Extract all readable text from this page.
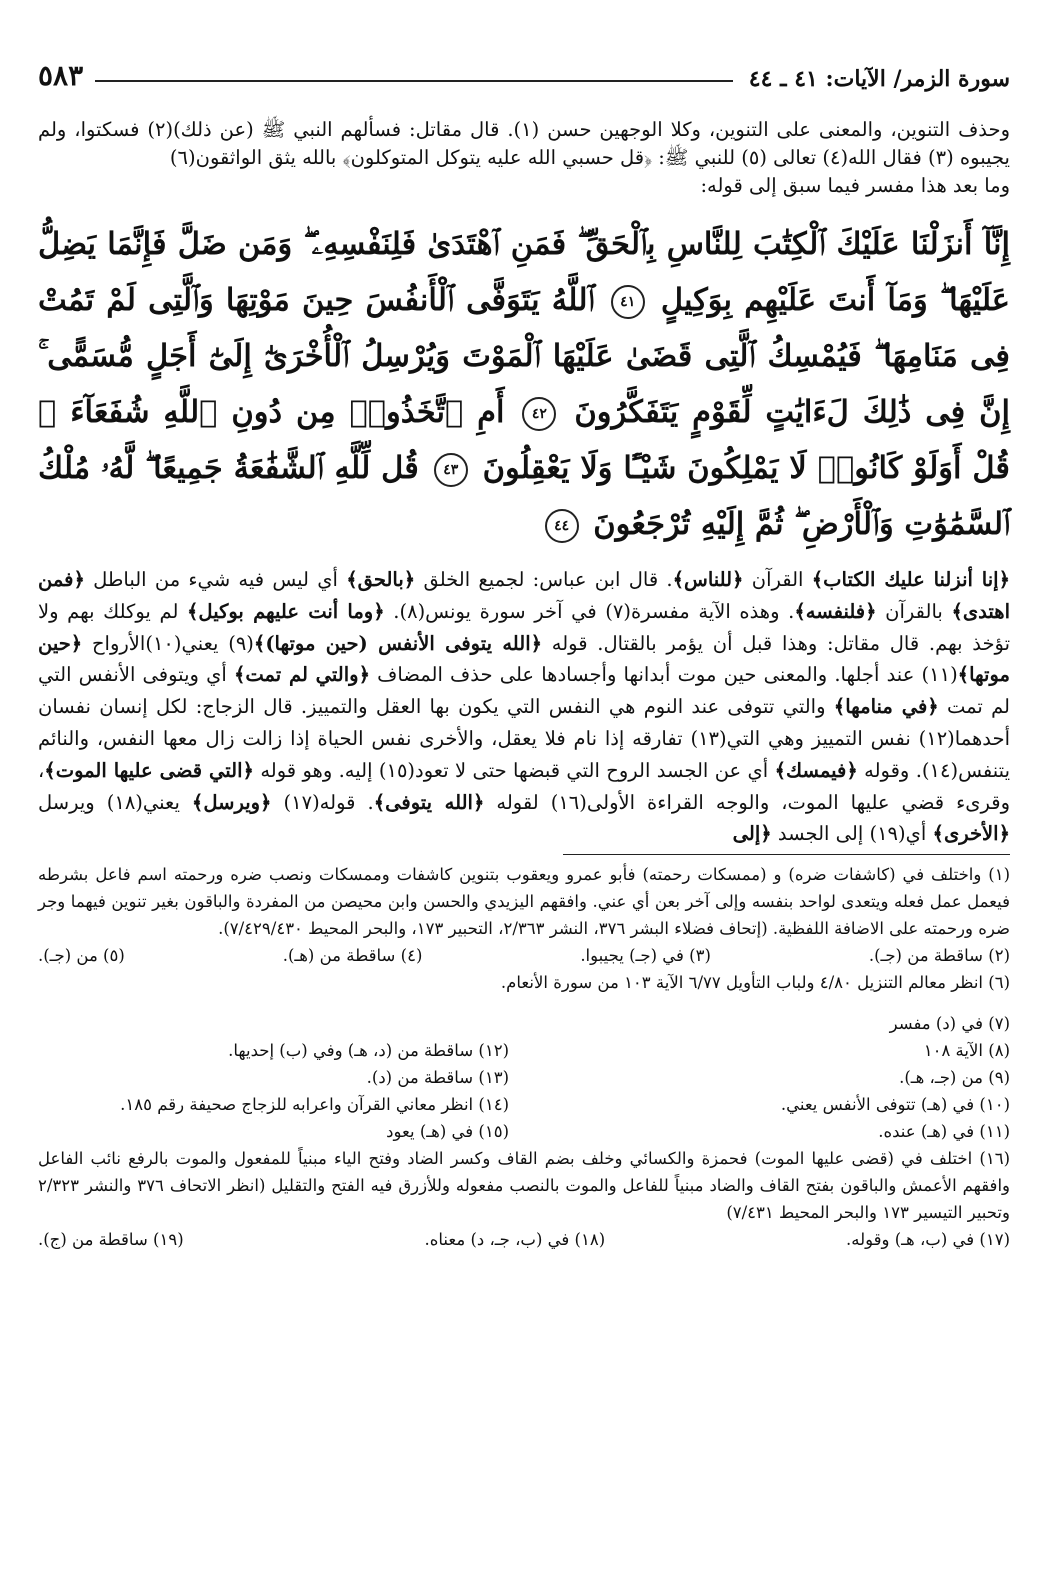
سورة الزمر/ الآيات: ٤١ ـ ٤٤
٥٨٣

وحذف التنوين، والمعنى على التنوين، وكلا الوجهين حسن (١). قال مقاتل: فسألهم النبي ﷺ (عن ذلك)(٢) فسكتوا، ولم يجيبوه (٣) فقال الله(٤) تعالى (٥) للنبي ﷺ: ﴿قل حسبي الله عليه يتوكل المتوكلون﴾ بالله يثق الواثقون(٦)

وما بعد هذا مفسر فيما سبق إلى قوله:

إِنَّآ أَنزَلْنَا عَلَيْكَ ٱلْكِتَٰبَ لِلنَّاسِ بِٱلْحَقِّ ۖ فَمَنِ ٱهْتَدَىٰ فَلِنَفْسِهِۦ ۖ وَمَن ضَلَّ فَإِنَّمَا يَضِلُّ عَلَيْهَا ۖ وَمَآ أَنتَ عَلَيْهِم بِوَكِيلٍ ٤١ ٱللَّهُ يَتَوَفَّى ٱلْأَنفُسَ حِينَ مَوْتِهَا وَٱلَّتِى لَمْ تَمُتْ فِى مَنَامِهَا ۖ فَيُمْسِكُ ٱلَّتِى قَضَىٰ عَلَيْهَا ٱلْمَوْتَ وَيُرْسِلُ ٱلْأُخْرَىٰٓ إِلَىٰٓ أَجَلٍ مُّسَمًّى ۚ إِنَّ فِى ذَٰلِكَ لَءَايَٰتٍ لِّقَوْمٍ يَتَفَكَّرُونَ ٤٢ أَمِ ٱتَّخَذُوا۟ مِن دُونِ ٱللَّهِ شُفَعَآءَ ۚ قُلْ أَوَلَوْ كَانُوا۟ لَا يَمْلِكُونَ شَيْـًٔا وَلَا يَعْقِلُونَ ٤٣ قُل لِّلَّهِ ٱلشَّفَٰعَةُ جَمِيعًا ۖ لَّهُۥ مُلْكُ ٱلسَّمَٰوَٰتِ وَٱلْأَرْضِ ۖ ثُمَّ إِلَيْهِ تُرْجَعُونَ ٤٤

﴿إنا أنزلنا عليك الكتاب﴾ القرآن ﴿للناس﴾. قال ابن عباس: لجميع الخلق ﴿بالحق﴾ أي ليس فيه شيء من الباطل ﴿فمن اهتدى﴾ بالقرآن ﴿فلنفسه﴾. وهذه الآية مفسرة(٧) في آخر سورة يونس(٨). ﴿وما أنت عليهم بوكيل﴾ لم يوكلك بهم ولا تؤخذ بهم. قال مقاتل: وهذا قبل أن يؤمر بالقتال. قوله ﴿الله يتوفى الأنفس (حين موتها)﴾(٩) يعني(١٠)الأرواح ﴿حين موتها﴾(١١) عند أجلها. والمعنى حين موت أبدانها وأجسادها على حذف المضاف ﴿والتي لم تمت﴾ أي ويتوفى الأنفس التي لم تمت ﴿في منامها﴾ والتي تتوفى عند النوم هي النفس التي يكون بها العقل والتمييز. قال الزجاج: لكل إنسان نفسان أحدهما(١٢) نفس التمييز وهي التي(١٣) تفارقه إذا نام فلا يعقل، والأخرى نفس الحياة إذا زالت زال معها النفس، والنائم يتنفس(١٤). وقوله ﴿فيمسك﴾ أي عن الجسد الروح التي قبضها حتى لا تعود(١٥) إليه. وهو قوله ﴿التي قضى عليها الموت﴾، وقرىء قضي عليها الموت، والوجه القراءة الأولى(١٦) لقوله ﴿الله يتوفى﴾. قوله(١٧) ﴿ويرسل﴾ يعني(١٨) ويرسل ﴿الأخرى﴾ أي(١٩) إلى الجسد ﴿إلى

(١) واختلف في (كاشفات ضره) و (ممسكات رحمته) فأبو عمرو ويعقوب بتنوين كاشفات وممسكات ونصب ضره ورحمته اسم فاعل بشرطه فيعمل عمل فعله ويتعدى لواحد بنفسه وإلى آخر بعن أي عني. وافقهم اليزيدي والحسن وابن محيصن من المفردة والباقون بغير تنوين فيهما وجر ضره ورحمته على الاضافة اللفظية. (إتحاف فضلاء البشر ٣٧٦، النشر ٢/٣٦٣، التحبير ١٧٣، والبحر المحيط ٧/٤٢٩/٤٣٠).

(٢) ساقطة من (جـ).
(٣) في (جـ) يجيبوا.
(٤) ساقطة من (هـ).
(٥) من (جـ).

(٦) انظر معالم التنزيل ٤/٨٠ ولباب التأويل ٦/٧٧ الآية ١٠٣ من سورة الأنعام.

(٧) في (د) مفسر
(٨) الآية ١٠٨
(١٢) ساقطة من (د، هـ) وفي (ب) إحديها.
(٩) من (جـ، هـ).
(١٣) ساقطة من (د).
(١٠) في (هـ) تتوفى الأنفس يعني.
(١٤) انظر معاني القرآن واعرابه للزجاج صحيفة رقم ١٨٥.
(١١) في (هـ) عنده.
(١٥) في (هـ) يعود

(١٦) اختلف في (قضى عليها الموت) فحمزة والكسائي وخلف بضم القاف وكسر الضاد وفتح الياء مبنياً للمفعول والموت بالرفع نائب الفاعل وافقهم الأعمش والباقون بفتح القاف والضاد مبنياً للفاعل والموت بالنصب مفعوله وللأزرق فيه الفتح والتقليل (انظر الاتحاف ٣٧٦ والنشر ٢/٣٢٣ وتحبير التيسير ١٧٣ والبحر المحيط ٧/٤٣١)

(١٧) في (ب، هـ) وقوله.
(١٨) في (ب، جـ، د) معناه.
(١٩) ساقطة من (ج).
